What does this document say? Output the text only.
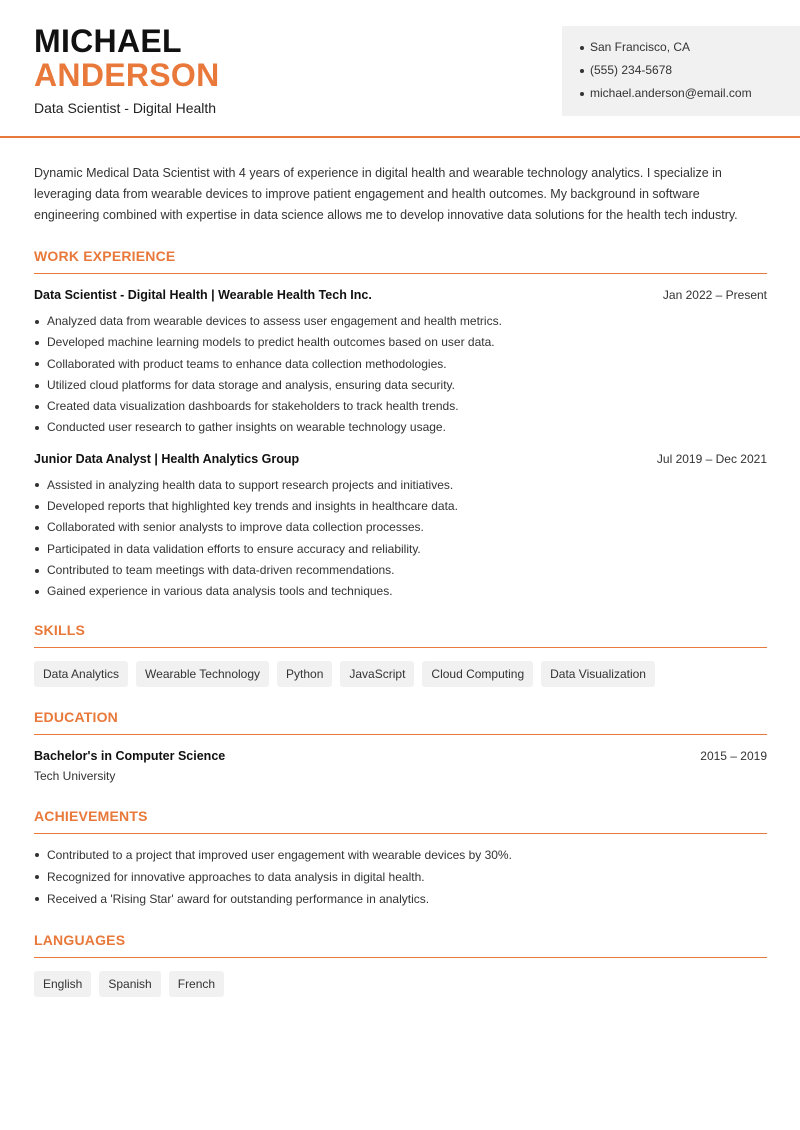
MICHAEL
ANDERSON
Data Scientist - Digital Health
San Francisco, CA
(555) 234-5678
michael.anderson@email.com

Dynamic Medical Data Scientist with 4 years of experience in digital health and wearable technology analytics. I specialize in leveraging data from wearable devices to improve patient engagement and health outcomes. My background in software engineering combined with expertise in data science allows me to develop innovative data solutions for the health tech industry.

WORK EXPERIENCE
Data Scientist - Digital Health | Wearable Health Tech Inc.	Jan 2022 – Present
Analyzed data from wearable devices to assess user engagement and health metrics.
Developed machine learning models to predict health outcomes based on user data.
Collaborated with product teams to enhance data collection methodologies.
Utilized cloud platforms for data storage and analysis, ensuring data security.
Created data visualization dashboards for stakeholders to track health trends.
Conducted user research to gather insights on wearable technology usage.
Junior Data Analyst | Health Analytics Group	Jul 2019 – Dec 2021
Assisted in analyzing health data to support research projects and initiatives.
Developed reports that highlighted key trends and insights in healthcare data.
Collaborated with senior analysts to improve data collection processes.
Participated in data validation efforts to ensure accuracy and reliability.
Contributed to team meetings with data-driven recommendations.
Gained experience in various data analysis tools and techniques.
SKILLS
Data Analytics	Wearable Technology	Python	JavaScript	Cloud Computing	Data Visualization
EDUCATION
Bachelor's in Computer Science	2015 – 2019
Tech University
ACHIEVEMENTS
Contributed to a project that improved user engagement with wearable devices by 30%.
Recognized for innovative approaches to data analysis in digital health.
Received a 'Rising Star' award for outstanding performance in analytics.
LANGUAGES
English	Spanish	French
